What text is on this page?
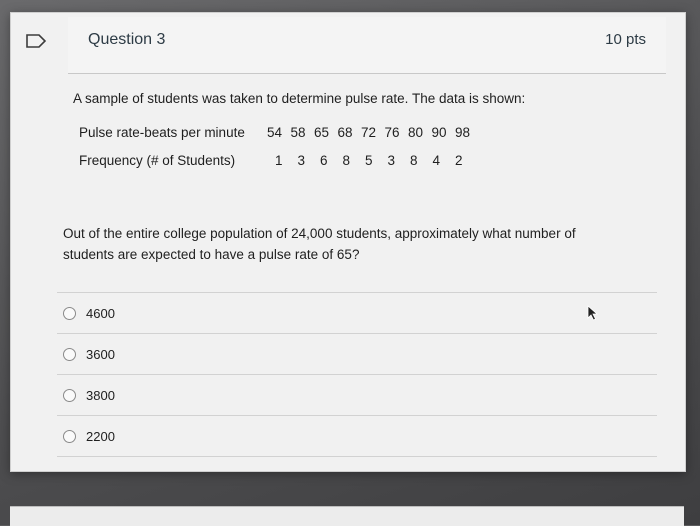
Question 3	10 pts
A sample of students was taken to determine pulse rate. The data is shown:
Pulse rate-beats per minute	54 58 65 68 72 76 80 90 98
Frequency (# of Students)	1	3	6	8	5	3	8	4	2
Out of the entire college population of 24,000 students, approximately what number of students are expected to have a pulse rate of 65?
4600
3600
3800
2200
